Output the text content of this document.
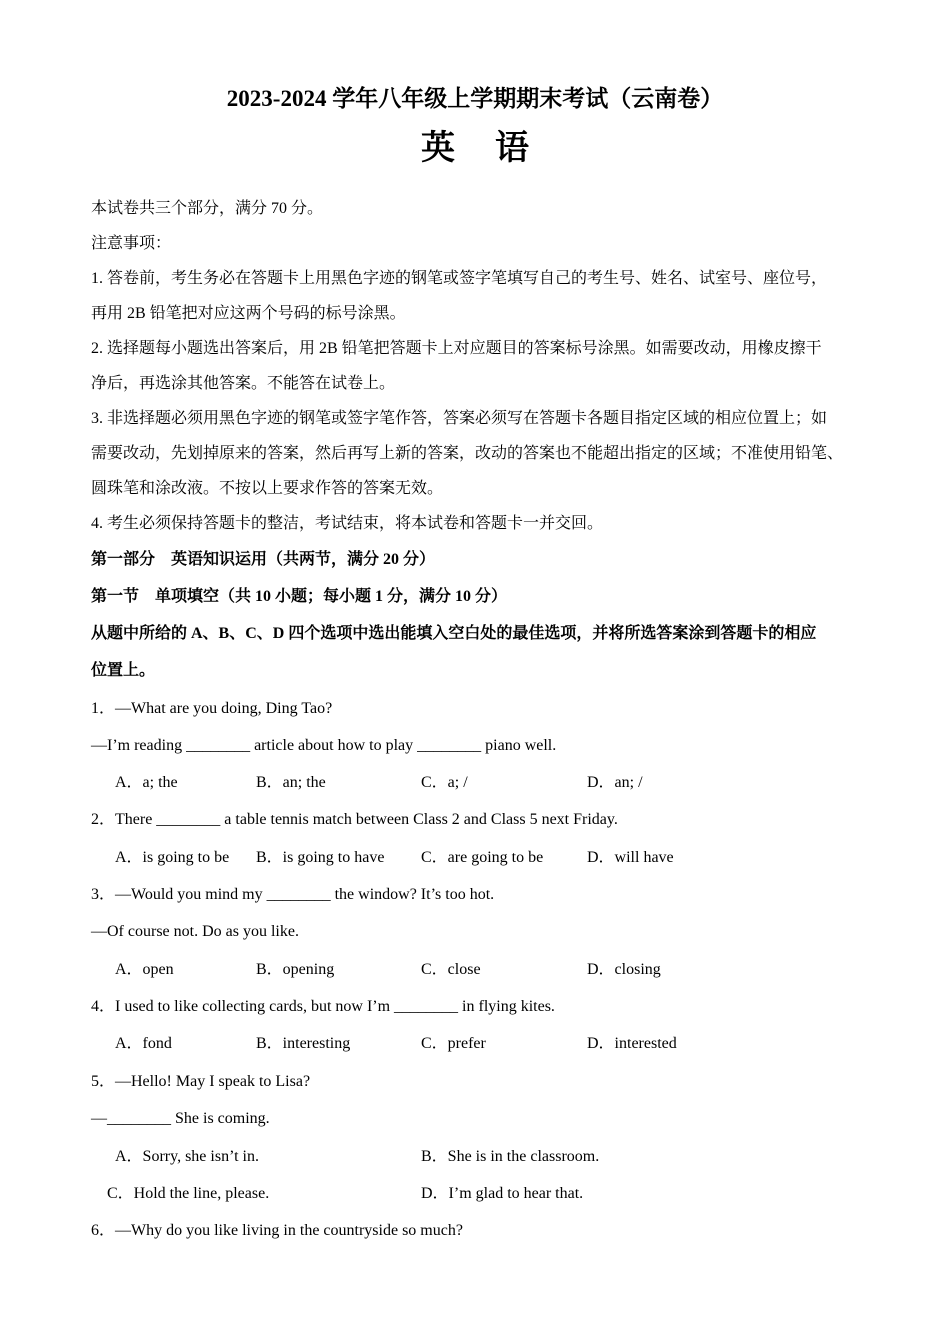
2023-2024 学年八年级上学期期末考试（云南卷）
英语
本试卷共三个部分，满分 70 分。
注意事项：
1. 答卷前，考生务必在答题卡上用黑色字迹的钢笔或签字笔填写自己的考生号、姓名、试室号、座位号，
再用 2B 铅笔把对应这两个号码的标号涂黑。
2. 选择题每小题选出答案后，用 2B 铅笔把答题卡上对应题目的答案标号涂黑。如需要改动，用橡皮擦干
净后，再选涂其他答案。不能答在试卷上。
3. 非选择题必须用黑色字迹的钢笔或签字笔作答，答案必须写在答题卡各题目指定区域的相应位置上；如
需要改动，先划掉原来的答案，然后再写上新的答案，改动的答案也不能超出指定的区域；不准使用铅笔、
圆珠笔和涂改液。不按以上要求作答的答案无效。
4. 考生必须保持答题卡的整洁，考试结束，将本试卷和答题卡一并交回。
第一部分　英语知识运用（共两节，满分 20 分）
第一节　单项填空（共 10 小题；每小题 1 分，满分 10 分）
从题中所给的 A、B、C、D 四个选项中选出能填入空白处的最佳选项，并将所选答案涂到答题卡的相应
位置上。
1．—What are you doing, Ding Tao?
—I’m reading ________ article about how to play ________ piano well.
A．a; the	B．an; the	C．a; /	D．an; /
2．There ________ a table tennis match between Class 2 and Class 5 next Friday.
A．is going to be B．is going to have C．are going to be	D．will have
3．—Would you mind my ________ the window? It’s too hot.
—Of course not. Do as you like.
A．open	B．opening	C．close	D．closing
4．I used to like collecting cards, but now I’m ________ in flying kites.
A．fond	B．interesting	C．prefer	D．interested
5．—Hello! May I speak to Lisa?
—________ She is coming.
A．Sorry, she isn’t in.	B．She is in the classroom.
C．Hold the line, please.	D．I’m glad to hear that.
6．—Why do you like living in the countryside so much?
